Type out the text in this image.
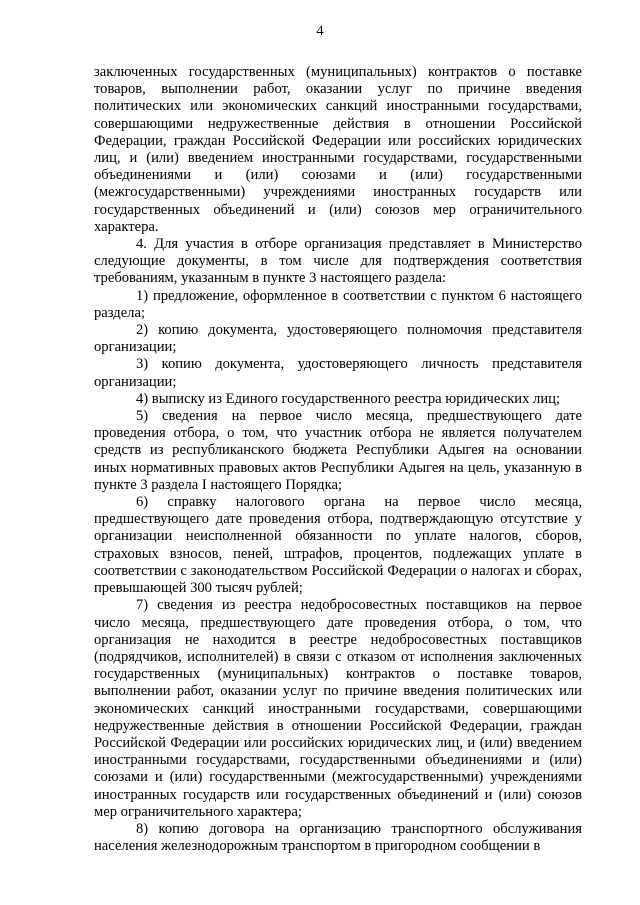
4

заключенных государственных (муниципальных) контрактов о поставке товаров, выполнении работ, оказании услуг по причине введения политических или экономических санкций иностранными государствами, совершающими недружественные действия в отношении Российской Федерации, граждан Российской Федерации или российских юридических лиц, и (или) введением иностранными государствами, государственными объединениями и (или) союзами и (или) государственными (межгосударственными) учреждениями иностранных государств или государственных объединений и (или) союзов мер ограничительного характера.

4. Для участия в отборе организация представляет в Министерство следующие документы, в том числе для подтверждения соответствия требованиям, указанным в пункте 3 настоящего раздела:

1) предложение, оформленное в соответствии с пунктом 6 настоящего раздела;

2) копию документа, удостоверяющего полномочия представителя организации;

3) копию документа, удостоверяющего личность представителя организации;

4) выписку из Единого государственного реестра юридических лиц;

5) сведения на первое число месяца, предшествующего дате проведения отбора, о том, что участник отбора не является получателем средств из республиканского бюджета Республики Адыгея на основании иных нормативных правовых актов Республики Адыгея на цель, указанную в пункте 3 раздела I настоящего Порядка;

6) справку налогового органа на первое число месяца, предшествующего дате проведения отбора, подтверждающую отсутствие у организации неисполненной обязанности по уплате налогов, сборов, страховых взносов, пеней, штрафов, процентов, подлежащих уплате в соответствии с законодательством Российской Федерации о налогах и сборах, превышающей 300 тысяч рублей;

7) сведения из реестра недобросовестных поставщиков на первое число месяца, предшествующего дате проведения отбора, о том, что организация не находится в реестре недобросовестных поставщиков (подрядчиков, исполнителей) в связи с отказом от исполнения заключенных государственных (муниципальных) контрактов о поставке товаров, выполнении работ, оказании услуг по причине введения политических или экономических санкций иностранными государствами, совершающими недружественные действия в отношении Российской Федерации, граждан Российской Федерации или российских юридических лиц, и (или) введением иностранными государствами, государственными объединениями и (или) союзами и (или) государственными (межгосударственными) учреждениями иностранных государств или государственных объединений и (или) союзов мер ограничительного характера;

8) копию договора на организацию транспортного обслуживания населения железнодорожным транспортом в пригородном сообщении в
